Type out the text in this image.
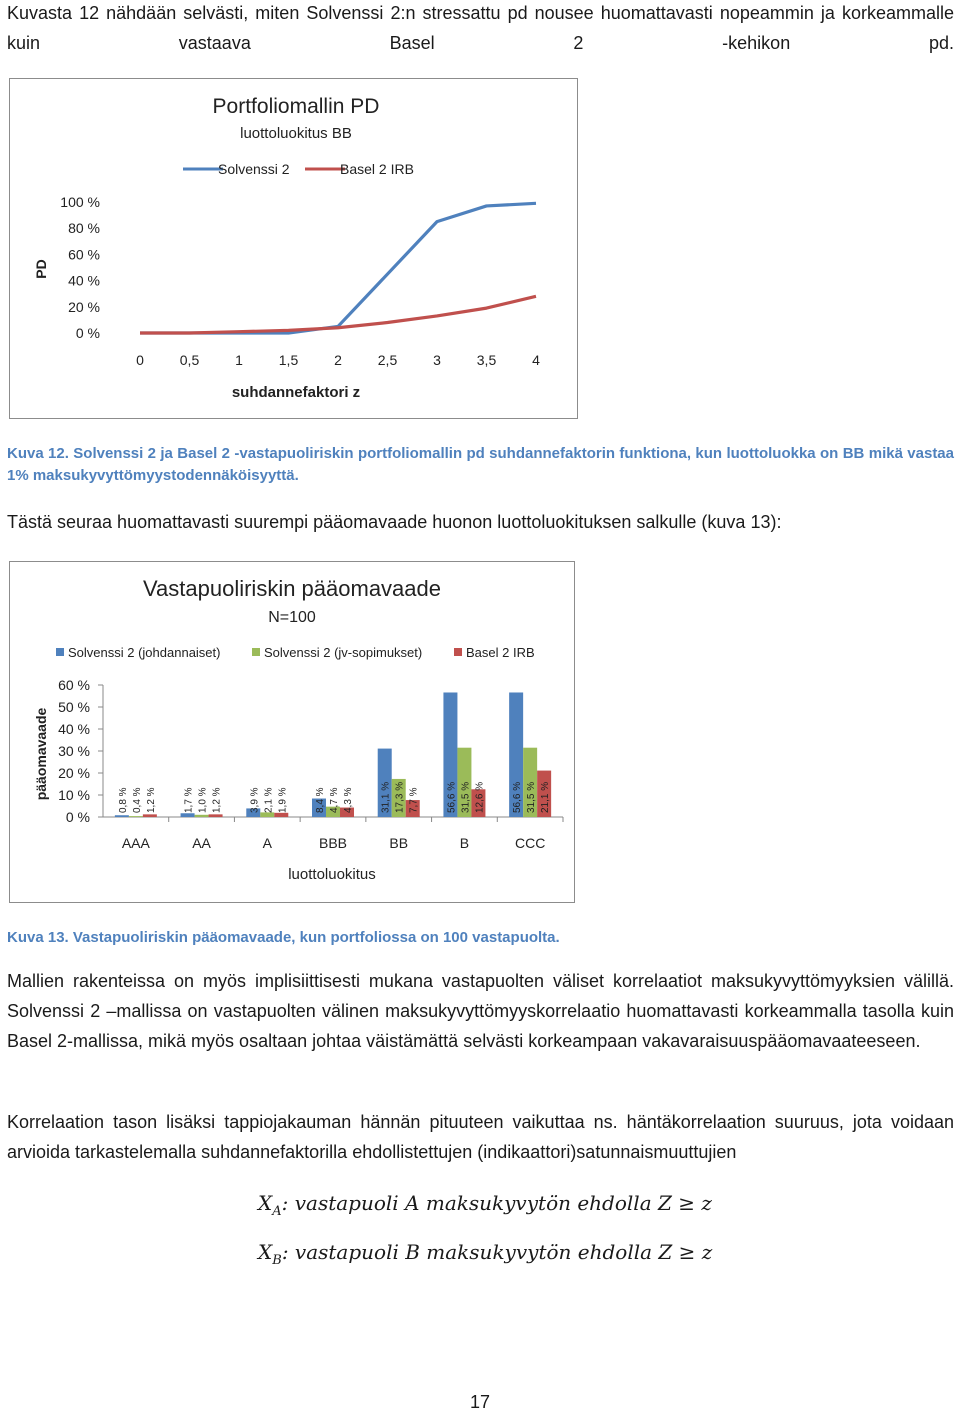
Kuvasta 12 nähdään selvästi, miten Solvenssi 2:n stressattu pd nousee huomattavasti nopeammin ja korkeammalle kuin vastaava Basel 2 -kehikon pd.

Portfoliomallin PD
luottoluokitus BB
Solvenssi 2	Basel 2 IRB
PD
suhdannefaktori z
100 %
80 %
60 %
40 %
20 %
0 %
0	0,5	1	1,5	2	2,5	3	3,5	4

Kuva 12. Solvenssi 2 ja Basel 2 -vastapuoliriskin portfoliomallin pd suhdannefaktorin funktiona, kun luottoluokka on BB mikä vastaa 1% maksukyvyttömyystodennäköisyyttä.

Tästä seuraa huomattavasti suurempi pääomavaade huonon luottoluokituksen salkulle (kuva 13):

Vastapuoliriskin pääomavaade
N=100
Solvenssi 2 (johdannaiset)	Solvenssi 2 (jv-sopimukset)	Basel 2 IRB
pääomavaade
luottoluokitus
60 %
50 %
40 %
30 %
20 %
10 %
0 %
0,8 % 0,4 % 1,2 %	1,7 % 1,0 % 1,2 %	3,9 % 2,1 % 1,9 %	8,4 % 4,7 % 4,3 %	31,1 % 17,3 % 7,7 %	56,6 % 31,5 % 12,6 %	56,6 % 31,5 % 21,1 %
AAA	AA	A	BBB	BB	B	CCC

Kuva 13. Vastapuoliriskin pääomavaade, kun portfoliossa on 100 vastapuolta.

Mallien rakenteissa on myös implisiittisesti mukana vastapuolten väliset korrelaatiot maksukyvyttömyyksien välillä. Solvenssi 2 –mallissa on vastapuolten välinen maksukyvyttömyyskorrelaatio huomattavasti korkeammalla tasolla kuin Basel 2-mallissa, mikä myös osaltaan johtaa väistämättä selvästi korkeampaan vakavaraisuuspääomavaateeseen.

Korrelaation tason lisäksi tappiojakauman hännän pituuteen vaikuttaa ns. häntäkorrelaation suuruus, jota voidaan arvioida tarkastelemalla suhdannefaktorilla ehdollistettujen (indikaattori)satunnaismuuttujien

$X_A$: vastapuoli A maksukyvytön ehdolla Z ≥ z
$X_B$: vastapuoli B maksukyvytön ehdolla Z ≥ z
17
